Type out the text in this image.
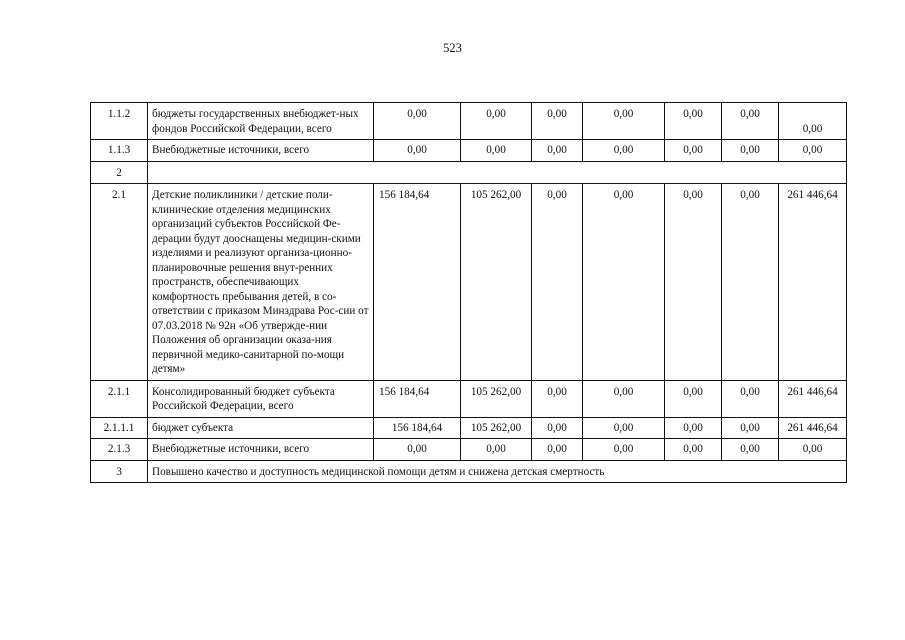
523
1.1.2	бюджеты государственных внебюджет-ных фондов Российской Федерации, всего	0,00	0,00	0,00	0,00	0,00	0,00	0,00
1.1.3	Внебюджетные источники, всего	0,00	0,00	0,00	0,00	0,00	0,00	0,00
2								
2.1	Детские поликлиники / детские поли-клинические отделения медицинских организаций субъектов Российской Фе-дерации будут дооснащены медицин-скими изделиями и реализуют организа-ционно-планировочные решения внут-ренних пространств, обеспечивающих комфортность пребывания детей, в со-ответствии с приказом Минздрава Рос-сии от 07.03.2018 № 92н «Об утвержде-нии Положения об организации оказа-ния первичной медико-санитарной по-мощи детям»	156 184,64	105 262,00	0,00	0,00	0,00	0,00	261 446,64
2.1.1	Консолидированный бюджет субъекта Российской Федерации, всего	156 184,64	105 262,00	0,00	0,00	0,00	0,00	261 446,64
2.1.1.1	бюджет субъекта	156 184,64	105 262,00	0,00	0,00	0,00	0,00	261 446,64
2.1.3	Внебюджетные источники, всего	0,00	0,00	0,00	0,00	0,00	0,00	0,00
3	Повышено качество и доступность медицинской помощи детям и снижена детская смертность							
